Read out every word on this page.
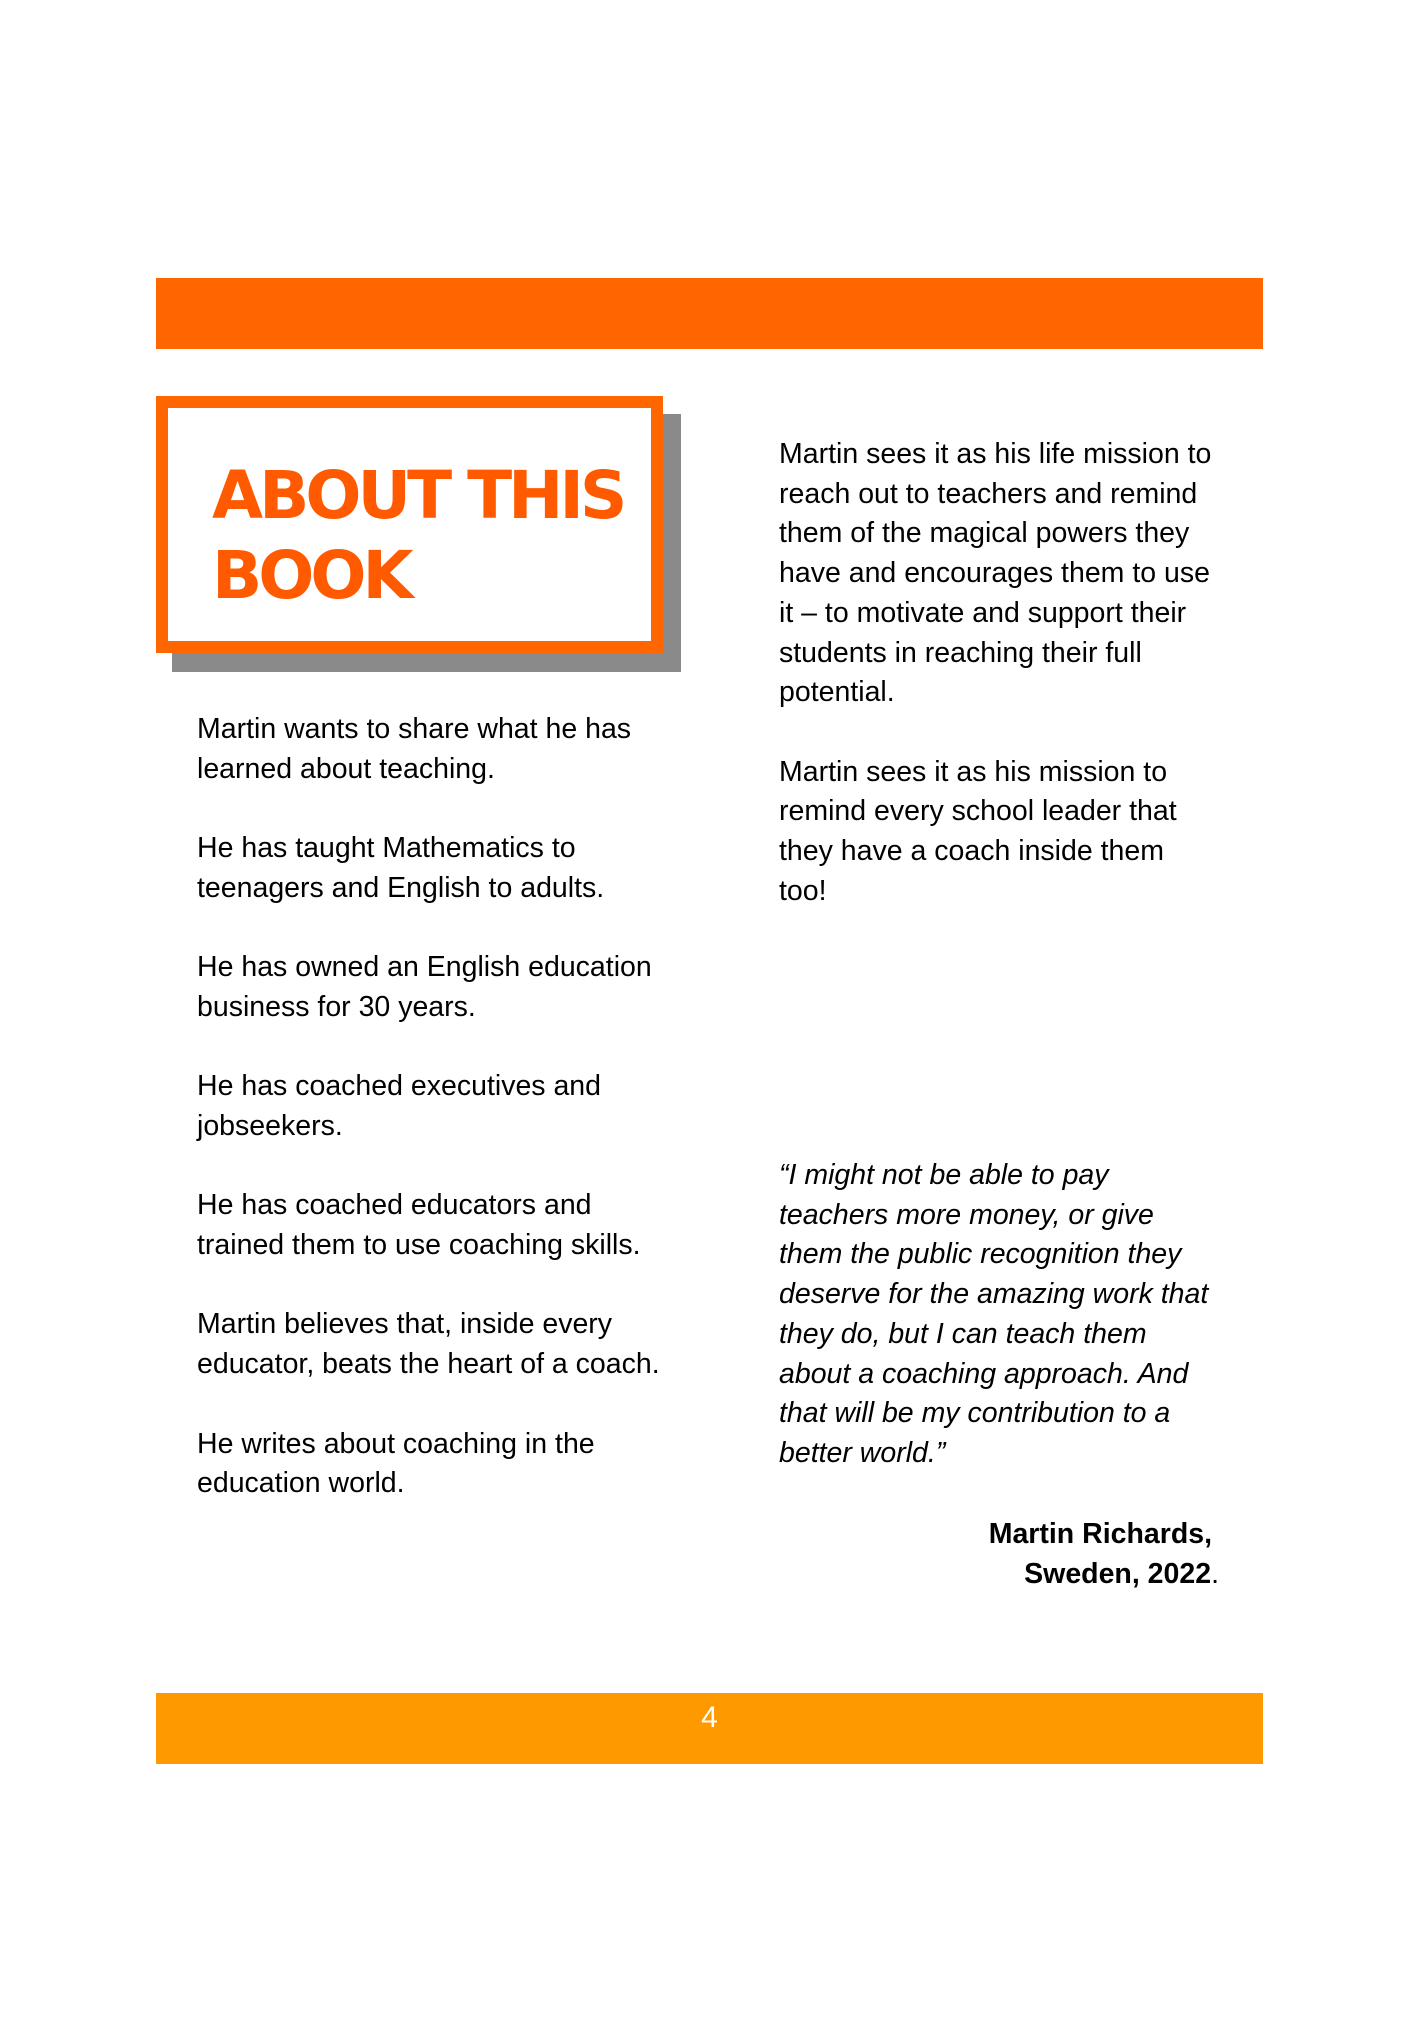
ABOUT THIS
BOOK

Martin wants to share what he has learned about teaching.

He has taught Mathematics to teenagers and English to adults.

He has owned an English education business for 30 years.

He has coached executives and jobseekers.

He has coached educators and trained them to use coaching skills.

Martin believes that, inside every educator, beats the heart of a coach.

He writes about coaching in the education world.

Martin sees it as his life mission to reach out to teachers and remind them of the magical powers they have and encourages them to use it – to motivate and support their students in reaching their full potential.

Martin sees it as his mission to remind every school leader that they have a coach inside them too!

“I might not be able to pay teachers more money, or give them the public recognition they deserve for the amazing work that they do, but I can teach them about a coaching approach. And that will be my contribution to a better world.”

Martin Richards,
Sweden, 2022.
4
